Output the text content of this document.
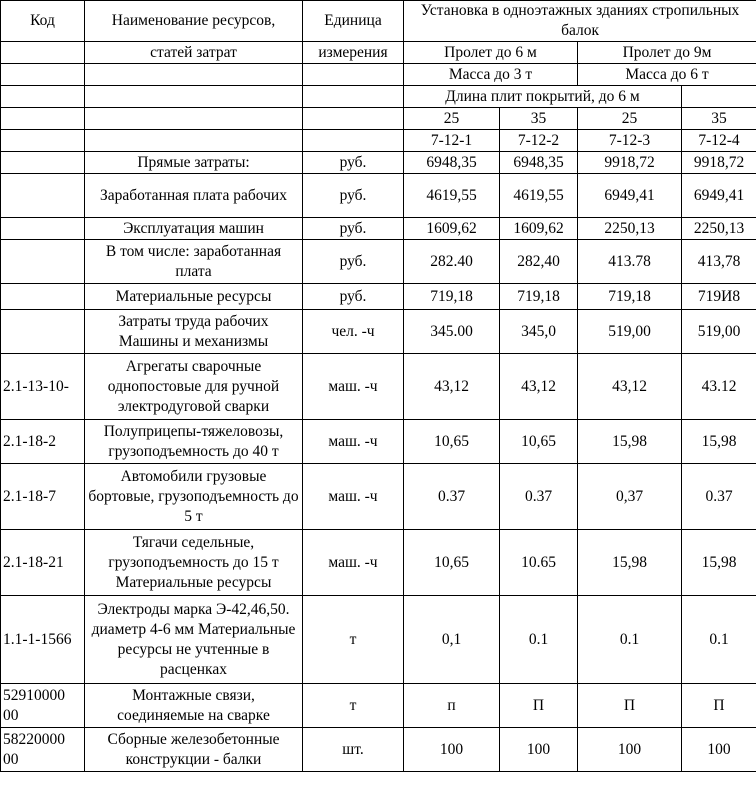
Код	Наименование ресурсов,	Единица	Установка в одноэтажных зданиях стропильных балок			
	статей затрат	измерения	Пролет до 6 м		Пролет до 9м	
			Масса до 3 т		Масса до 6 т	
			Длина плит покрытий, до 6 м			
			25	35	25	35
			7-12-1	7-12-2	7-12-3	7-12-4
	Прямые затраты:	руб.	6948,35	6948,35	9918,72	9918,72
	Заработанная плата рабочих	руб.	4619,55	4619,55	6949,41	6949,41
	Эксплуатация машин	руб.	1609,62	1609,62	2250,13	2250,13
	В том числе: заработанная плата	руб.	282.40	282,40	413.78	413,78
	Материальные ресурсы	руб.	719,18	719,18	719,18	719И8
	Затраты труда рабочих Машины и механизмы	чел. -ч	345.00	345,0	519,00	519,00
2.1-13-10-	Агрегаты сварочные однопостовые для ручной электродуговой сварки	маш. -ч	43,12	43,12	43,12	43.12
2.1-18-2	Полуприцепы-тяжеловозы, грузоподъемность до 40 т	маш. -ч	10,65	10,65	15,98	15,98
2.1-18-7	Автомобили грузовые бортовые, грузоподъемность до 5 т	маш. -ч	0.37	0.37	0,37	0.37
2.1-18-21	Тягачи седельные, грузоподъемность до 15 т Материальные ресурсы	маш. -ч	10,65	10.65	15,98	15,98
1.1-1-1566	Электроды марка Э-42,46,50. диаметр 4-6 мм Материальные ресурсы не учтенные в расценках	т	0,1	0.1	0.1	0.1
52910000 00	Монтажные связи, соединяемые на сварке	т	п	П	П	П
58220000 00	Сборные железобетонные конструкции - балки	шт.	100	100	100	100
